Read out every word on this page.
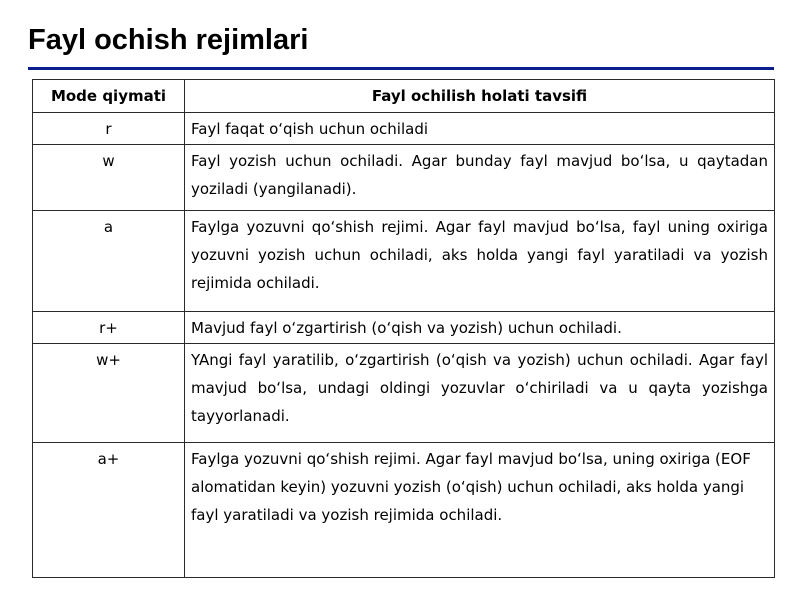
Fayl ochish rejimlari
Mode qiymati	Fayl ochilish holati tavsifi
r	Fayl faqat oʻqish uchun ochiladi
w	Fayl yozish uchun ochiladi. Agar bunday fayl mavjud boʻlsa, u qaytadan yoziladi (yangilanadi).
a	Faylga yozuvni qoʻshish rejimi. Agar fayl mavjud boʻlsa, fayl uning oxiriga yozuvni yozish uchun ochiladi, aks holda yangi fayl yaratiladi va yozish rejimida ochiladi.
r+	Mavjud fayl oʻzgartirish (oʻqish va yozish) uchun ochiladi.
w+	YAngi fayl yaratilib, oʻzgartirish (oʻqish va yozish) uchun ochiladi. Agar fayl mavjud boʻlsa, undagi oldingi yozuvlar oʻchiriladi va u qayta yozishga tayyorlanadi.
a+	Faylga yozuvni qoʻshish rejimi. Agar fayl mavjud boʻlsa, uning oxiriga (EOF alomatidan keyin) yozuvni yozish (oʻqish) uchun ochiladi, aks holda yangi fayl yaratiladi va yozish rejimida ochiladi.
